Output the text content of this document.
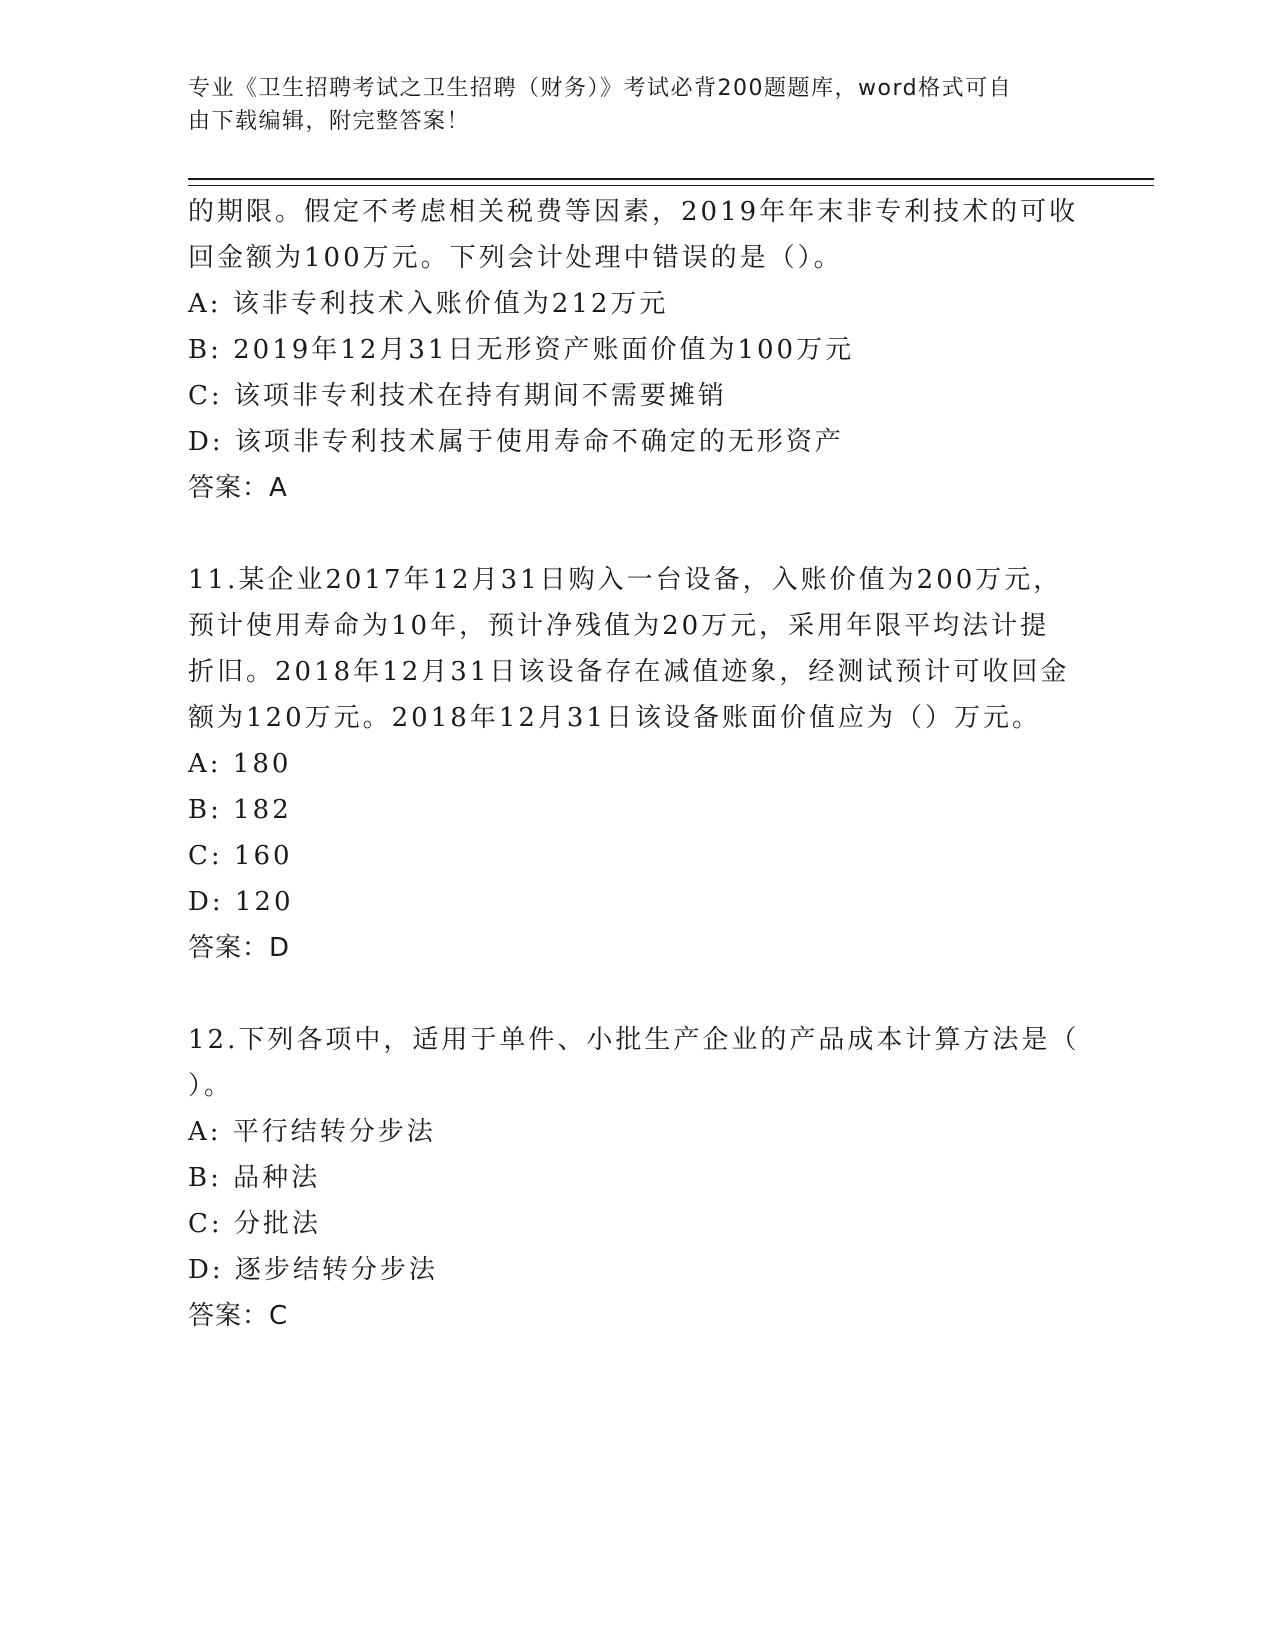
专业《卫生招聘考试之卫生招聘（财务）》考试必背200题题库，word格式可自
由下载编辑，附完整答案！
的期限。假定不考虑相关税费等因素，2019年年末非专利技术的可收
回金额为100万元。下列会计处理中错误的是（）。
A: 该非专利技术入账价值为212万元
B: 2019年12月31日无形资产账面价值为100万元
C: 该项非专利技术在持有期间不需要摊销
D: 该项非专利技术属于使用寿命不确定的无形资产
答案：A
11.某企业2017年12月31日购入一台设备，入账价值为200万元，
预计使用寿命为10年，预计净残值为20万元，采用年限平均法计提
折旧。2018年12月31日该设备存在减值迹象，经测试预计可收回金
额为120万元。2018年12月31日该设备账面价值应为（）万元。
A: 180
B: 182
C: 160
D: 120
答案：D
12.下列各项中，适用于单件、小批生产企业的产品成本计算方法是（
）。
A: 平行结转分步法
B: 品种法
C: 分批法
D: 逐步结转分步法
答案：C
